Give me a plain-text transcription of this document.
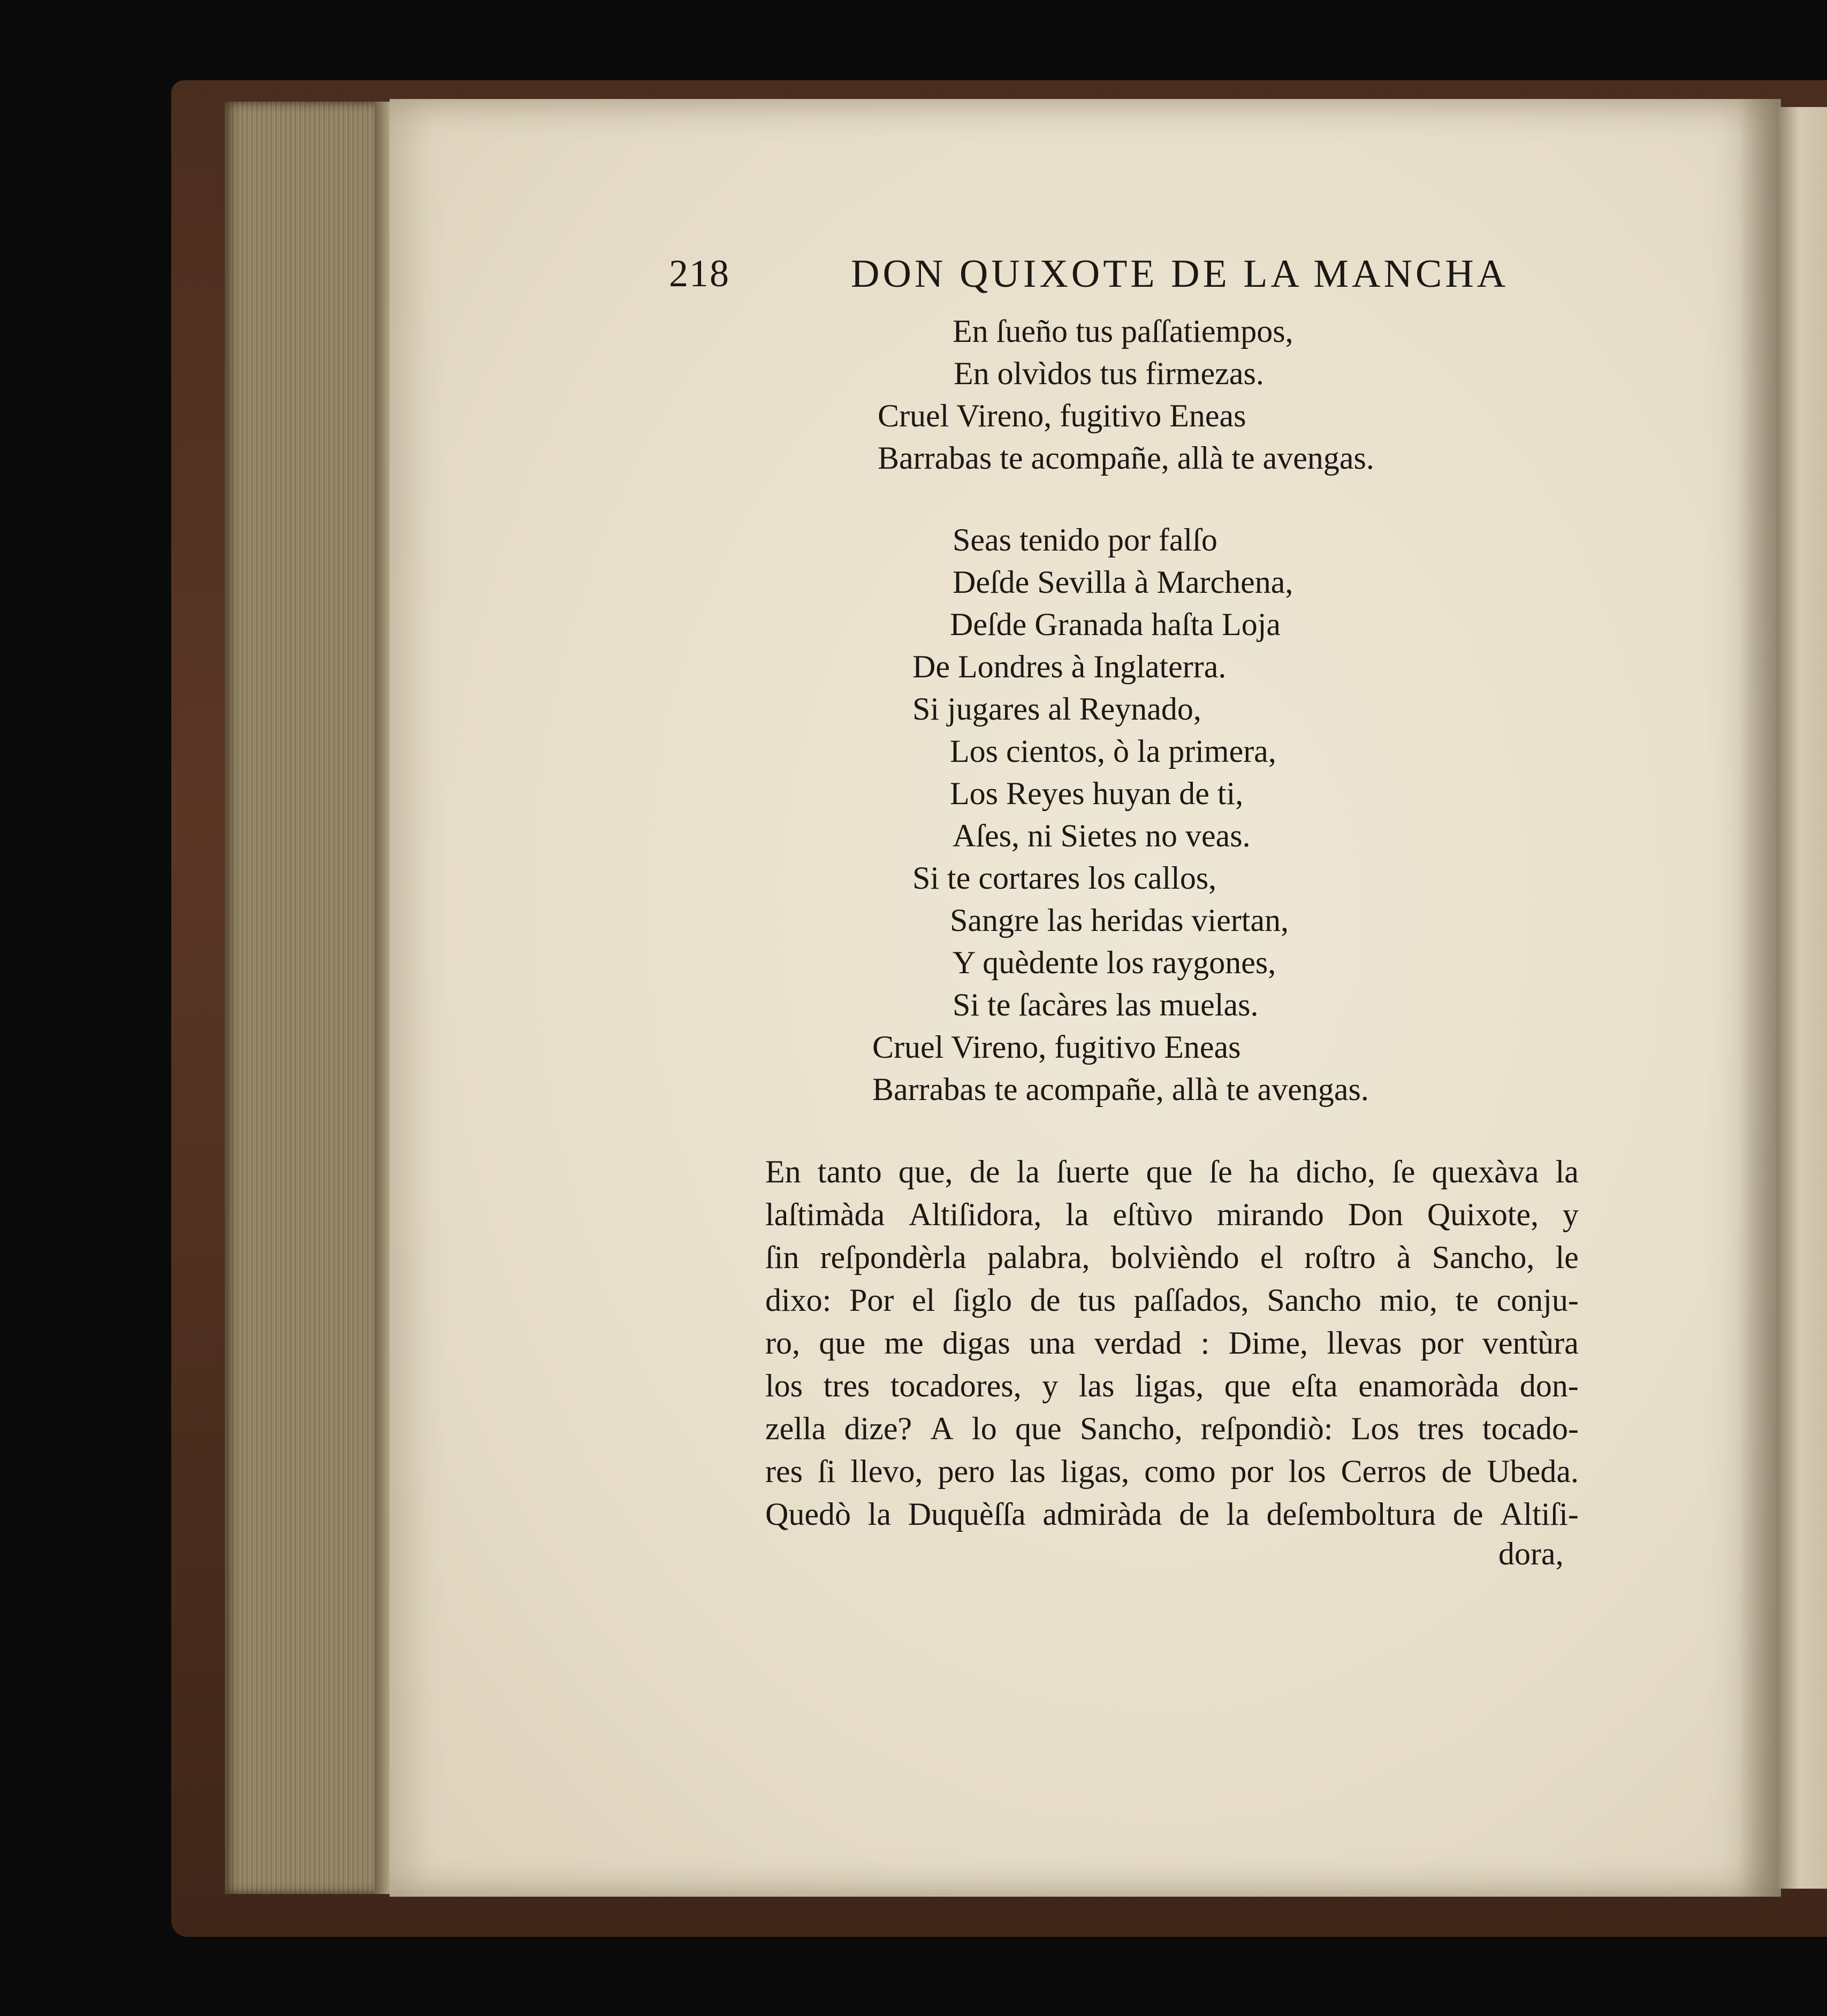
218	DON QUIXOTE DE LA MANCHA
En ſueño tus paſſatiempos,
En olvìdos tus firmezas.
Cruel Vireno, fugitivo Eneas
Barrabas te acompañe, allà te avengas.
Seas tenido por falſo
Deſde Sevilla à Marchena,
Deſde Granada haſta Loja
De Londres à Inglaterra.
Si jugares al Reynado,
Los cientos, ò la primera,
Los Reyes huyan de ti,
Aſes, ni Sietes no veas.
Si te cortares los callos,
Sangre las heridas viertan,
Y quèdente los raygones,
Si te ſacàres las muelas.
Cruel Vireno, fugitivo Eneas
Barrabas te acompañe, allà te avengas.
En tanto que, de la ſuerte que ſe ha dicho, ſe quexàva la
laſtimàda Altiſidora, la eſtùvo mirando Don Quixote, y
ſin reſpondèrla palabra, bolvièndo el roſtro à Sancho, le
dixo: Por el ſiglo de tus paſſados, Sancho mio, te conju-
ro, que me digas una verdad : Dime, llevas por ventùra
los tres tocadores, y las ligas, que eſta enamoràda don-
zella dize? A lo que Sancho, reſpondiò: Los tres tocado-
res ſi llevo, pero las ligas, como por los Cerros de Ubeda.
Quedò la Duquèſſa admiràda de la deſemboltura de Altiſi-
dora,
